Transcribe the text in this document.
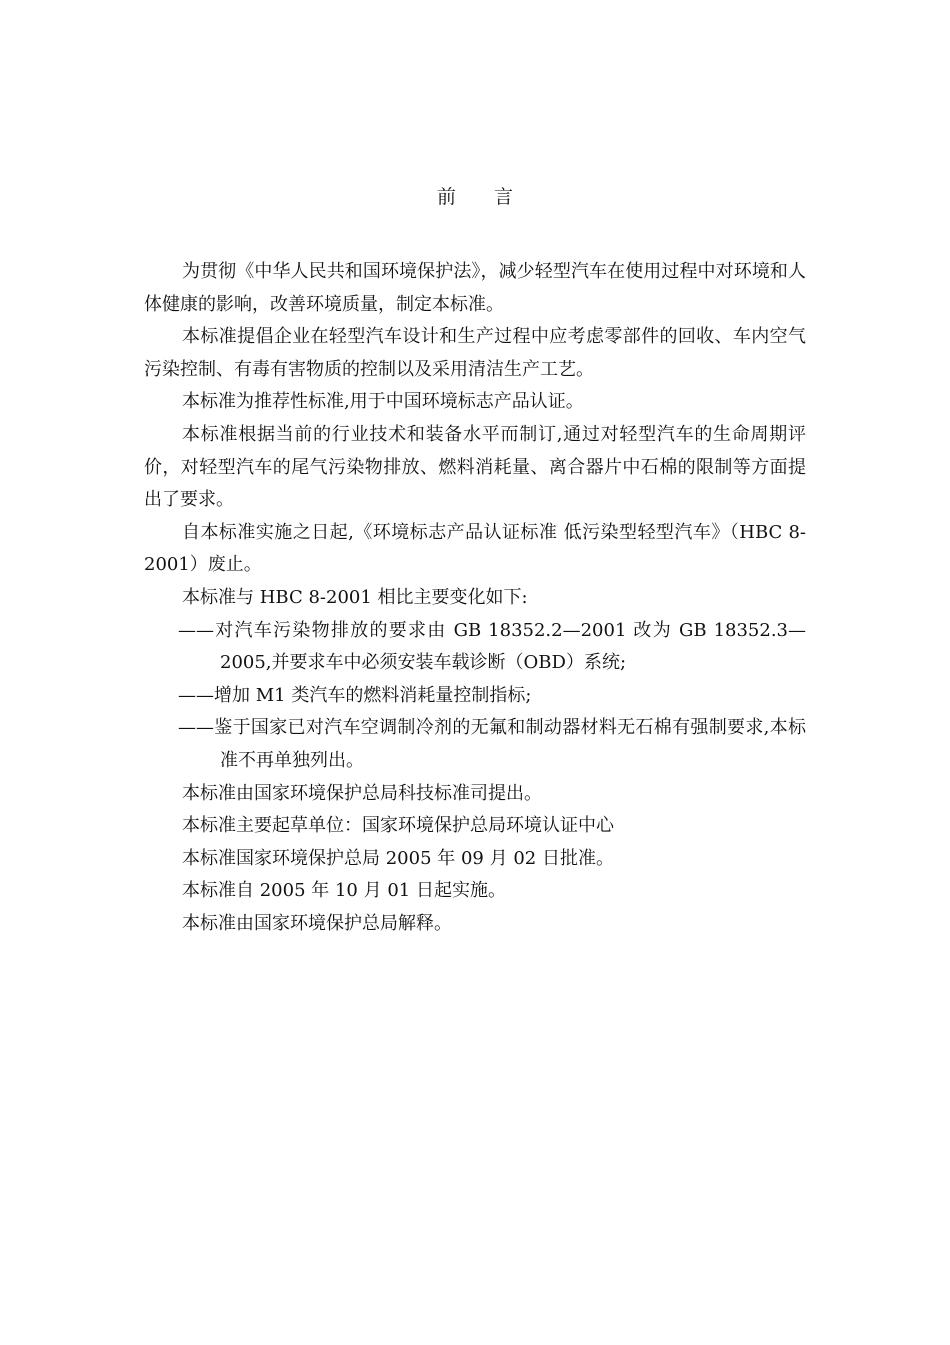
前言

为贯彻《中华人民共和国环境保护法》，减少轻型汽车在使用过程中对环境和人体健康的影响，改善环境质量，制定本标准。

本标准提倡企业在轻型汽车设计和生产过程中应考虑零部件的回收、车内空气污染控制、有毒有害物质的控制以及采用清洁生产工艺。

本标准为推荐性标准,用于中国环境标志产品认证。

本标准根据当前的行业技术和装备水平而制订,通过对轻型汽车的生命周期评价，对轻型汽车的尾气污染物排放、燃料消耗量、离合器片中石棉的限制等方面提出了要求。

自本标准实施之日起,《环境标志产品认证标准 低污染型轻型汽车》（HBC 8-2001）废止。

本标准与 HBC 8-2001 相比主要变化如下:

——对汽车污染物排放的要求由 GB 18352.2—2001 改为 GB 18352.3—2005,并要求车中必须安装车载诊断（OBD）系统;

——增加 M1 类汽车的燃料消耗量控制指标;

——鉴于国家已对汽车空调制冷剂的无氟和制动器材料无石棉有强制要求,本标准不再单独列出。

本标准由国家环境保护总局科技标准司提出。

本标准主要起草单位：国家环境保护总局环境认证中心

本标准国家环境保护总局 2005 年 09 月 02 日批准。

本标准自 2005 年 10 月 01 日起实施。

本标准由国家环境保护总局解释。
